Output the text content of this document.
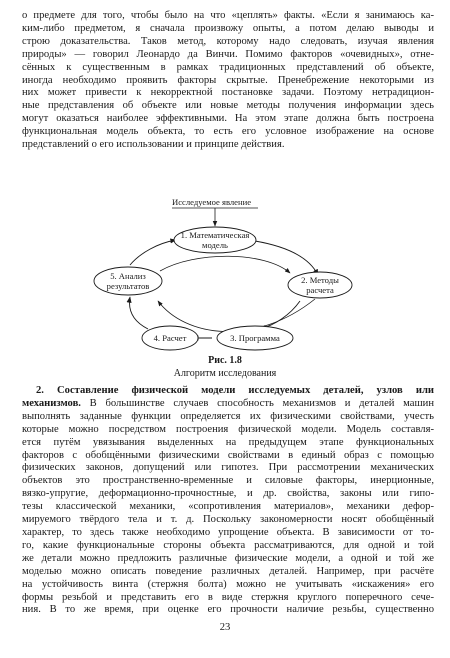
о предмете для того, чтобы было на что «цеплять» факты. «Если я занимаюсь ка-
ким-либо предметом, я сначала произвожу опыты, а потом делаю выводы и
строю доказательства. Таков метод, которому надо следовать, изучая явления
природы» — говорил Леонардо да Винчи. Помимо факторов «очевидных», отне-
сённых к существенным в рамках традиционных представлений об объекте,
иногда необходимо проявить факторы скрытые. Пренебрежение некоторыми из
них может привести к некорректной постановке задачи. Поэтому нетрадицион-
ные представления об объекте или новые методы получения информации здесь
могут оказаться наиболее эффективными. На этом этапе должна быть построена
функциональная модель объекта, то есть его условное изображение на основе
представлений о его использовании и принципе действия.

Исследуемое явление
1. Математическая
модель
2. Методы
расчета
3. Программа
4. Расчет
5. Анализ
результатов

Рис. 1.8

Алгоритм исследования

2. Составление физической модели исследуемых деталей, узлов или
механизмов. В большинстве случаев способность механизмов и деталей машин
выполнять заданные функции определяется их физическими свойствами, учесть
которые можно посредством построения физической модели. Модель составля-
ется путём увязывания выделенных на предыдущем этапе функциональных
факторов с обобщёнными физическими свойствами в единый образ с помощью
физических законов, допущений или гипотез. При рассмотрении механических
объектов это пространственно-временные и силовые факторы, инерционные,
вязко-упругие, деформационно-прочностные, и др. свойства, законы или гипо-
тезы классической механики, «сопротивления материалов», механики дефор-
мируемого твёрдого тела и т. д. Поскольку закономерности носят обобщённый
характер, то здесь также необходимо упрощение объекта. В зависимости от то-
го, какие функциональные стороны объекта рассматриваются, для одной и той
же детали можно предложить различные физические модели, а одной и той же
моделью можно описать поведение различных деталей. Например, при расчёте
на устойчивость винта (стержня болта) можно не учитывать «искажения» его
формы резьбой и представить его в виде стержня круглого поперечного сече-
ния. В то же время, при оценке его прочности наличие резьбы, существенно

23
